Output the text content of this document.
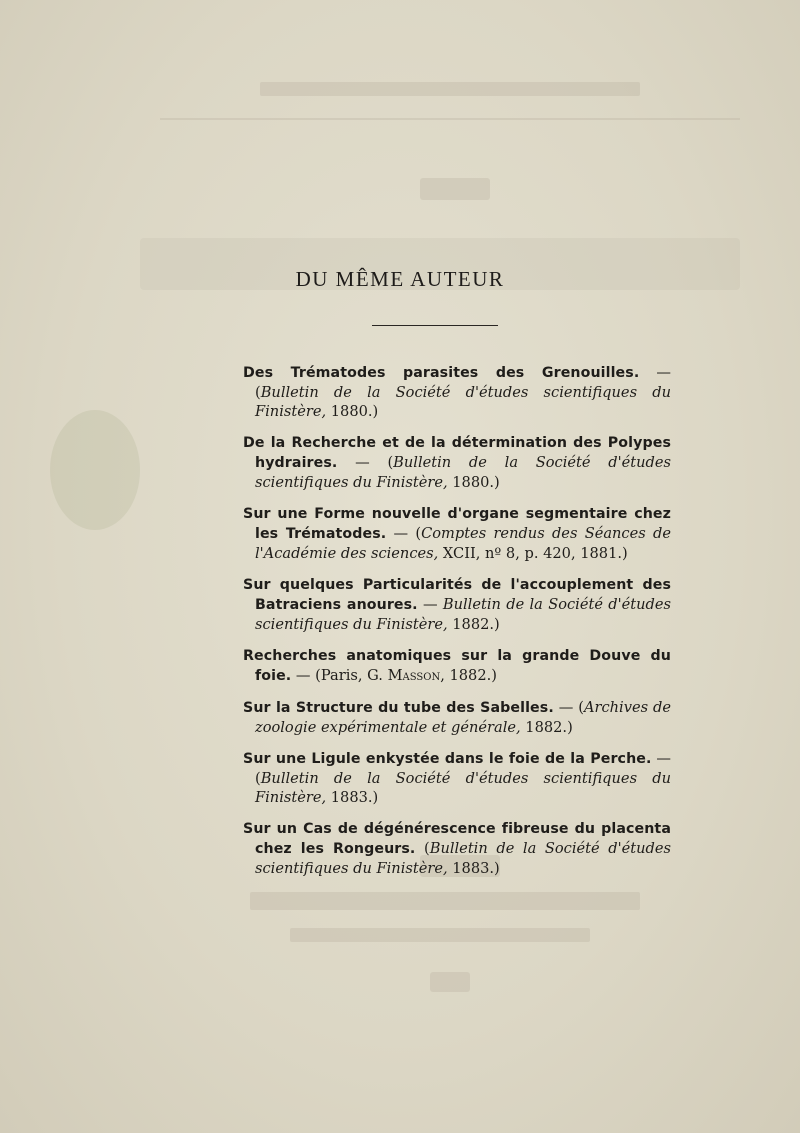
DU MÊME AUTEUR

Des Trématodes parasites des Grenouilles. — (Bulletin de la Société d'études scientifiques du Finistère, 1880.)

De la Recherche et de la détermination des Polypes hydraires. — (Bulletin de la Société d'études scientifiques du Finistère, 1880.)

Sur une Forme nouvelle d'organe segmentaire chez les Trématodes. — (Comptes rendus des Séances de l'Académie des sciences, XCII, nº 8, p. 420, 1881.)

Sur quelques Particularités de l'accouplement des Batraciens anoures. — Bulletin de la Société d'études scientifiques du Finistère, 1882.)

Recherches anatomiques sur la grande Douve du foie. — (Paris, G. Masson, 1882.)

Sur la Structure du tube des Sabelles. — (Archives de zoologie expérimentale et générale, 1882.)

Sur une Ligule enkystée dans le foie de la Perche. — (Bulletin de la Société d'études scientifiques du Finistère, 1883.)

Sur un Cas de dégénérescence fibreuse du placenta chez les Rongeurs. (Bulletin de la Société d'études scientifiques du Finistère, 1883.)
